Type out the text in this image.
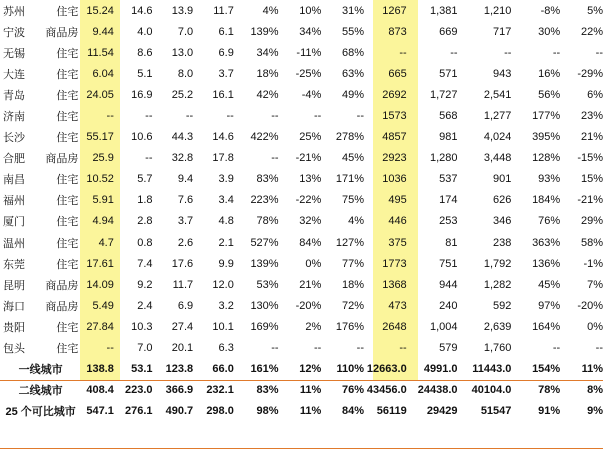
苏州	住宅	15.24	14.6	13.9	11.7	4%	10%	31%	1267	1,381	1,210	-8%	5%
宁波	商品房	9.44	4.0	7.0	6.1	139%	34%	55%	873	669	717	30%	22%
无锡	住宅	11.54	8.6	13.0	6.9	34%	-11%	68%	--	--	--	--	--
大连	住宅	6.04	5.1	8.0	3.7	18%	-25%	63%	665	571	943	16%	-29%
青岛	住宅	24.05	16.9	25.2	16.1	42%	-4%	49%	2692	1,727	2,541	56%	6%
济南	住宅	--	--	--	--	--	--	--	1573	568	1,277	177%	23%
长沙	住宅	55.17	10.6	44.3	14.6	422%	25%	278%	4857	981	4,024	395%	21%
合肥	商品房	25.9	--	32.8	17.8	--	-21%	45%	2923	1,280	3,448	128%	-15%
南昌	住宅	10.52	5.7	9.4	3.9	83%	13%	171%	1036	537	901	93%	15%
福州	住宅	5.91	1.8	7.6	3.4	223%	-22%	75%	495	174	626	184%	-21%
厦门	住宅	4.94	2.8	3.7	4.8	78%	32%	4%	446	253	346	76%	29%
温州	住宅	4.7	0.8	2.6	2.1	527%	84%	127%	375	81	238	363%	58%
东莞	住宅	17.61	7.4	17.6	9.9	139%	0%	77%	1773	751	1,792	136%	-1%
昆明	商品房	14.09	9.2	11.7	12.0	53%	21%	18%	1368	944	1,282	45%	7%
海口	商品房	5.49	2.4	6.9	3.2	130%	-20%	72%	473	240	592	97%	-20%
贵阳	住宅	27.84	10.3	27.4	10.1	169%	2%	176%	2648	1,004	2,639	164%	0%
包头	住宅	--	7.0	20.1	6.3	--	--	--	--	579	1,760	--	--
一线城市		138.8	53.1	123.8	66.0	161%	12%	110%	12663.0	4991.0	11443.0	154%	11%
二线城市		408.4	223.0	366.9	232.1	83%	11%	76%	43456.0	24438.0	40104.0	78%	8%
25 个可比城市		547.1	276.1	490.7	298.0	98%	11%	84%	56119	29429	51547	91%	9%
